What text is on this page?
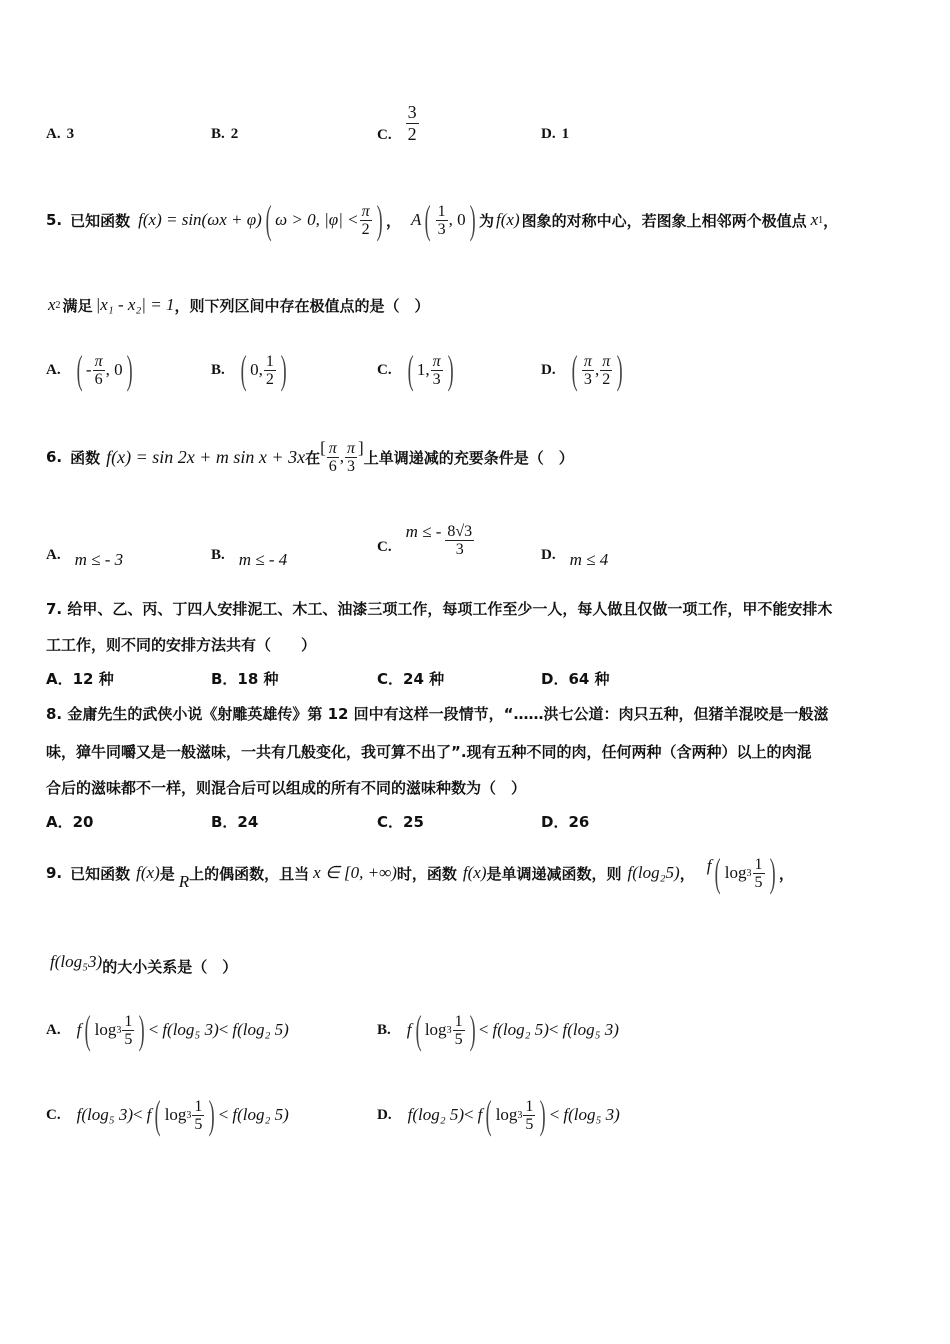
A. 3	B. 2	C. $\frac{3}{2}$	D. 1
5. 已知函数 f(x) = sin(ωx + φ) ( ω > 0, $|\varphi| < \frac{\pi}{2}$ ) ， A ( $\frac{1}{3}$ , 0 ) 为 f(x) 图象的对称中心，若图象上相邻两个极值点 x 1 ，
x 2 满足 |x₁ - x₂| = 1 ，则下列区间中存在极值点的是（　）
A. ( - $\frac{\pi}{6}$ , 0 )	B. ( 0, $\frac{1}{2}$ )	C. ( 1, $\frac{\pi}{3}$ )	D. ( $\frac{\pi}{3}$ , $\frac{\pi}{2}$ )
6. 函数 f(x) = sin 2x + m sin x + 3x 在
[ $\frac{\pi}{6}$ , $\frac{\pi}{3}$ ]
上单调递减的充要条件是（　）
A. m ≤ - 3	B. m ≤ - 4
C.
m ≤ - $\frac{8√3}{3}$	D. m ≤ 4
7. 给甲、乙、丙、丁四人安排泥工、木工、油漆三项工作，每项工作至少一人，每人做且仅做一项工作，甲不能安排木
工工作，则不同的安排方法共有（　　）
A．12 种	B．18 种	C．24 种	D．64 种
8. 金庸先生的武侠小说《射雕英雄传》第 12 回中有这样一段情节，“……洪七公道：肉只五种，但猪羊混咬是一般滋
味，獐牛同嚼又是一般滋味，一共有几般变化，我可算不出了”.现有五种不同的肉，任何两种（含两种）以上的肉混
合后的滋味都不一样，则混合后可以组成的所有不同的滋味种数为（　）
A．20	B．24	C．25	D．26
9. 已知函数 f(x) 是 R 上的偶函数，且当 x ∈ [0, +∞) 时，函数 f(x) 是单调递减函数，则 f(log₂5) ， f ( $\log 3 \frac{1}{5}$ ) ，
f(log₅3) 的大小关系是（　）
A. f ( $\log 3 \frac{1}{5}$ ) < f(log₅ 3) < f(log₂ 5)	B. f ( $\log 3 \frac{1}{5}$ ) < f(log₂ 5) < f(log₅ 3)
C. f(log₅ 3) < f ( $\log 3 \frac{1}{5}$ ) < f(log₂ 5)	D. f(log₂ 5) < f ( $\log 3 \frac{1}{5}$ ) < f(log₅ 3)
